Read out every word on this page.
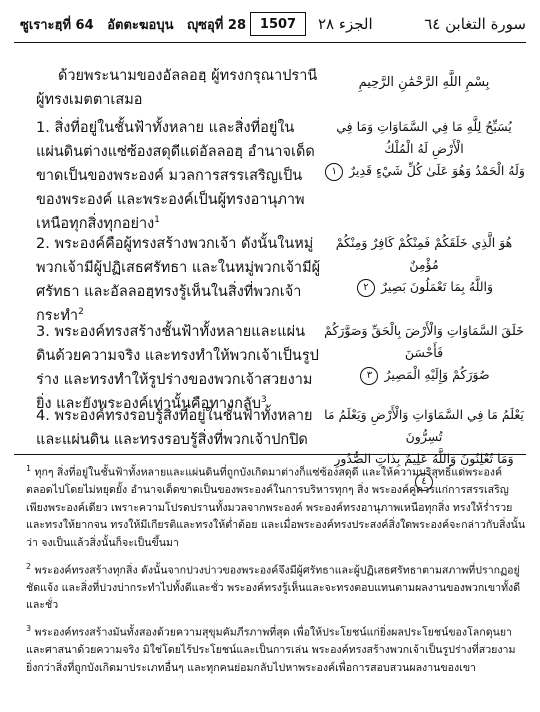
ซูเราะฮฺที่ 64 อัตตะฆอบุน ญุซอุที่ 28	1507	سورة التغابن ٦٤
الجزء ٢٨
ด้วยพระนามของอัลลอฮฺ ผู้ทรงกรุณาปรานี
ผู้ทรงเมตตาเสมอ
بِسْمِ اللَّهِ الرَّحْمَٰنِ الرَّحِيمِ
1. สิ่งที่อยู่ในชั้นฟ้าทั้งหลาย และสิ่งที่อยู่ในแผ่นดินต่างแซ่ซ้องสดุดีแด่อัลลอฮฺ อำนาจเด็ดขาดเป็นของพระองค์ มวลการสรรเสริญเป็นของพระองค์ และพระองค์เป็นผู้ทรงอานุภาพเหนือทุกสิ่งทุกอย่าง$^1$
يُسَبِّحُ لِلَّهِ مَا فِي السَّمَاوَاتِ وَمَا فِي الْأَرْضِ لَهُ الْمُلْكُ
وَلَهُ الْحَمْدُ وَهُوَ عَلَىٰ كُلِّ شَيْءٍ قَدِيرٌ ١
2. พระองค์คือผู้ทรงสร้างพวกเจ้า ดังนั้นในหมู่พวกเจ้ามีผู้ปฏิเสธศรัทธา และในหมู่พวกเจ้ามีผู้ศรัทธา และอัลลอฮฺทรงรู้เห็นในสิ่งที่พวกเจ้ากระทำ$^2$
هُوَ الَّذِي خَلَقَكُمْ فَمِنْكُمْ كَافِرٌ وَمِنْكُمْ مُؤْمِنٌ
وَاللَّهُ بِمَا تَعْمَلُونَ بَصِيرٌ ٢
3. พระองค์ทรงสร้างชั้นฟ้าทั้งหลายและแผ่นดินด้วยความจริง และทรงทำให้พวกเจ้าเป็นรูปร่าง และทรงทำให้รูปร่างของพวกเจ้าสวยงามยิ่ง และยังพระองค์เท่านั้นคือทางกลับ$^3$
خَلَقَ السَّمَاوَاتِ وَالْأَرْضَ بِالْحَقِّ وَصَوَّرَكُمْ فَأَحْسَنَ
صُوَرَكُمْ وَإِلَيْهِ الْمَصِيرُ ٣
4. พระองค์ทรงรอบรู้สิ่งที่อยู่ในชั้นฟ้าทั้งหลาย และแผ่นดิน และทรงรอบรู้สิ่งที่พวกเจ้าปกปิด
يَعْلَمُ مَا فِي السَّمَاوَاتِ وَالْأَرْضِ وَيَعْلَمُ مَا تُسِرُّونَ
وَمَا تُعْلِنُونَ وَاللَّهُ عَلِيمٌ بِذَاتِ الصُّدُورِ ٤

$^1$ ทุกๆ สิ่งที่อยู่ในชั้นฟ้าทั้งหลายและแผ่นดินที่ถูกบังเกิดมาต่างก็แซ่ซ้องสดุดี และให้ความบริสุทธิ์แด่พระองค์ตลอดไปโดยไม่หยุดยั้ง อำนาจเด็ดขาดเป็นของพระองค์ในการบริหารทุกๆ สิ่ง พระองค์คู่ควรแก่การสรรเสริญเพียงพระองค์เดียว เพราะความโปรดปรานทั้งมวลจากพระองค์ พระองค์ทรงอานุภาพเหนือทุกสิ่ง ทรงให้ร่ำรวย และทรงให้ยากจน ทรงให้มีเกียรติและทรงให้ต่ำต้อย และเมื่อพระองค์ทรงประสงค์สิ่งใดพระองค์จะกล่าวกับสิ่งนั้นว่า จงเป็นแล้วสิ่งนั้นก็จะเป็นขึ้นมา

$^2$ พระองค์ทรงสร้างทุกสิ่ง ดังนั้นจากปวงบ่าวของพระองค์จึงมีผู้ศรัทธาและผู้ปฏิเสธศรัทธาตามสภาพที่ปรากฏอยู่ชัดแจ้ง และสิ่งที่ปวงบ่ากระทำไปทั้งดีและชั่ว พระองค์ทรงรู้เห็นและจะทรงตอบแทนตามผลงานของพวกเขาทั้งดีและชั่ว

$^3$ พระองค์ทรงสร้างมันทั้งสองด้วยความสุขุมคัมภีรภาพที่สุด เพื่อให้ประโยชน์แก่ยิ่งผลประโยชน์ของโลกดุนยาและศาสนาด้วยความจริง มิใช่โดยไร้ประโยชน์และเป็นการเล่น พระองค์ทรงสร้างพวกเจ้าเป็นรูปร่างที่สวยงามยิ่งกว่าสิ่งที่ถูกบังเกิดมาประเภทอื่นๆ และทุกคนย่อมกลับไปหาพระองค์เพื่อการสอบสวนผลงานของเขา
